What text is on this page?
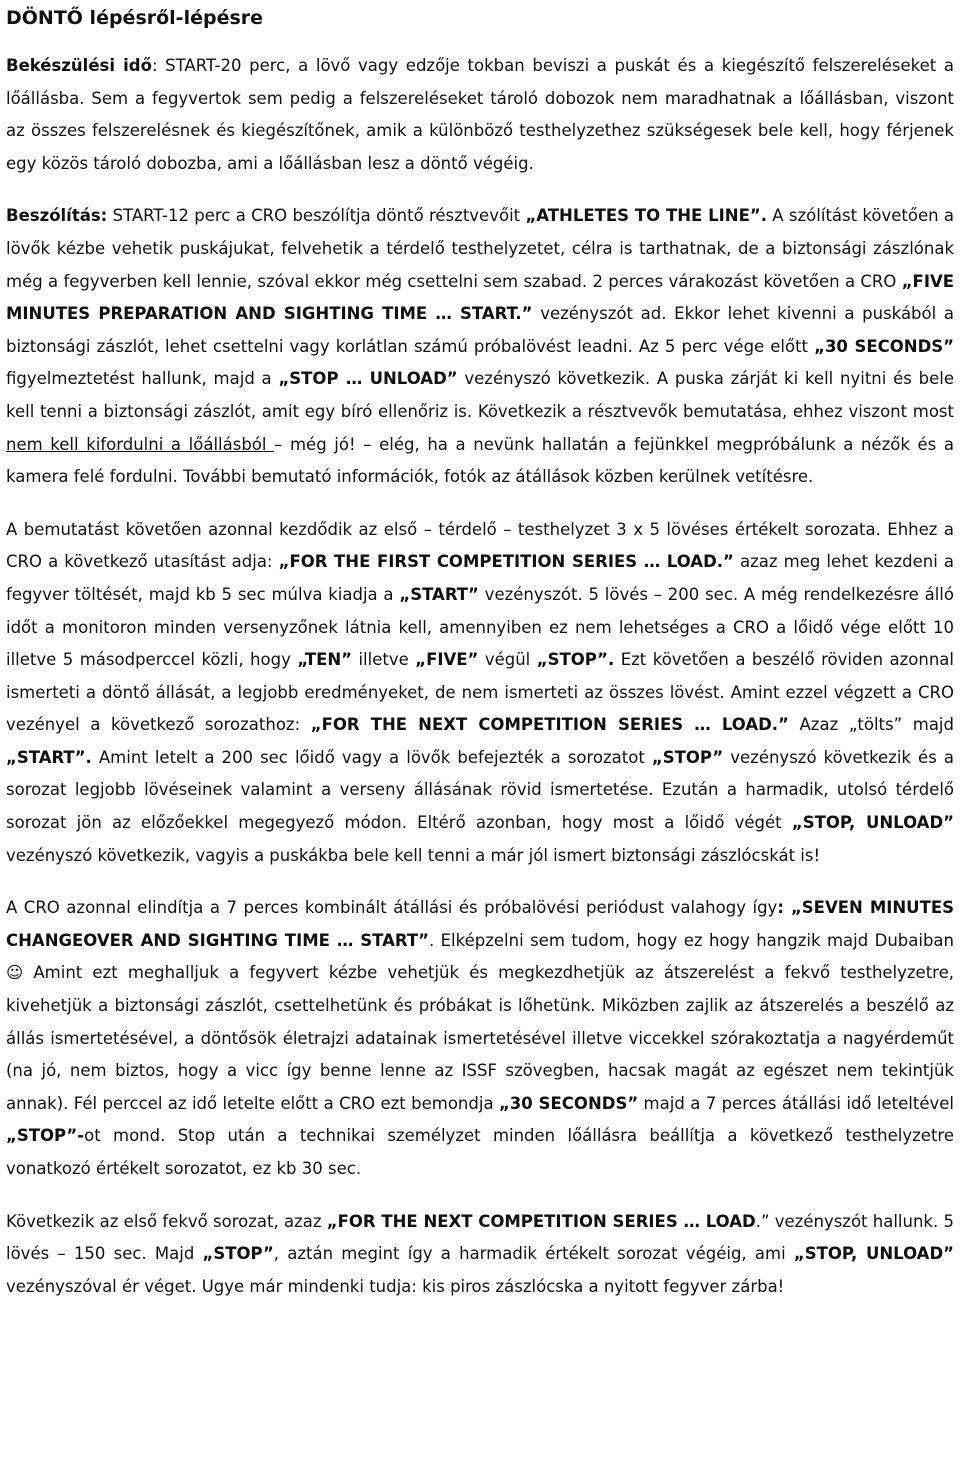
DÖNTŐ lépésről-lépésre
Bekészülési idő: START-20 perc, a lövő vagy edzője tokban beviszi a puskát és a kiegészítő felszereléseket a lőállásba. Sem a fegyvertok sem pedig a felszereléseket tároló dobozok nem maradhatnak a lőállásban, viszont az összes felszerelésnek és kiegészítőnek, amik a különböző testhelyzethez szükségesek bele kell, hogy férjenek egy közös tároló dobozba, ami a lőállásban lesz a döntő végéig.
Beszólítás: START-12 perc a CRO beszólítja döntő résztvevőit „ATHLETES TO THE LINE”. A szólítást követően a lövők kézbe vehetik puskájukat, felvehetik a térdelő testhelyzetet, célra is tarthatnak, de a biztonsági zászlónak még a fegyverben kell lennie, szóval ekkor még csettelni sem szabad. 2 perces várakozást követően a CRO „FIVE MINUTES PREPARATION AND SIGHTING TIME … START.” vezényszót ad. Ekkor lehet kivenni a puskából a biztonsági zászlót, lehet csettelni vagy korlátlan számú próbalövést leadni. Az 5 perc vége előtt „30 SECONDS” figyelmeztetést hallunk, majd a „STOP … UNLOAD” vezényszó következik. A puska zárját ki kell nyitni és bele kell tenni a biztonsági zászlót, amit egy bíró ellenőriz is. Következik a résztvevők bemutatása, ehhez viszont most nem kell kifordulni a lőállásból – még jó! – elég, ha a nevünk hallatán a fejünkkel megpróbálunk a nézők és a kamera felé fordulni. További bemutató információk, fotók az átállások közben kerülnek vetítésre.
A bemutatást követően azonnal kezdődik az első – térdelő – testhelyzet 3 x 5 lövéses értékelt sorozata. Ehhez a CRO a következő utasítást adja: „FOR THE FIRST COMPETITION SERIES … LOAD.” azaz meg lehet kezdeni a fegyver töltését, majd kb 5 sec múlva kiadja a „START” vezényszót. 5 lövés – 200 sec. A még rendelkezésre álló időt a monitoron minden versenyzőnek látnia kell, amennyiben ez nem lehetséges a CRO a lőidő vége előtt 10 illetve 5 másodperccel közli, hogy „TEN” illetve „FIVE” végül „STOP”. Ezt követően a beszélő röviden azonnal ismerteti a döntő állását, a legjobb eredményeket, de nem ismerteti az összes lövést. Amint ezzel végzett a CRO vezényel a következő sorozathoz: „FOR THE NEXT COMPETITION SERIES … LOAD.” Azaz „tölts” majd „START”. Amint letelt a 200 sec lőidő vagy a lövők befejezték a sorozatot „STOP” vezényszó következik és a sorozat legjobb lövéseinek valamint a verseny állásának rövid ismertetése. Ezután a harmadik, utolsó térdelő sorozat jön az előzőekkel megegyező módon. Eltérő azonban, hogy most a lőidő végét „STOP, UNLOAD” vezényszó következik, vagyis a puskákba bele kell tenni a már jól ismert biztonsági zászlócskát is!
A CRO azonnal elindítja a 7 perces kombinált átállási és próbalövési periódust valahogy így: „SEVEN MINUTES CHANGEOVER AND SIGHTING TIME … START”. Elképzelni sem tudom, hogy ez hogy hangzik majd Dubaiban ☺ Amint ezt meghalljuk a fegyvert kézbe vehetjük és megkezdhetjük az átszerelést a fekvő testhelyzetre, kivehetjük a biztonsági zászlót, csettelhetünk és próbákat is lőhetünk. Miközben zajlik az átszerelés a beszélő az állás ismertetésével, a döntősök életrajzi adatainak ismertetésével illetve viccekkel szórakoztatja a nagyérdeműt (na jó, nem biztos, hogy a vicc így benne lenne az ISSF szövegben, hacsak magát az egészet nem tekintjük annak). Fél perccel az idő letelte előtt a CRO ezt bemondja „30 SECONDS” majd a 7 perces átállási idő leteltével „STOP”-ot mond. Stop után a technikai személyzet minden lőállásra beállítja a következő testhelyzetre vonatkozó értékelt sorozatot, ez kb 30 sec.
Következik az első fekvő sorozat, azaz „FOR THE NEXT COMPETITION SERIES … LOAD.” vezényszót hallunk. 5 lövés – 150 sec. Majd „STOP”, aztán megint így a harmadik értékelt sorozat végéig, ami „STOP, UNLOAD” vezényszóval ér véget. Ugye már mindenki tudja: kis piros zászlócska a nyitott fegyver zárba!
